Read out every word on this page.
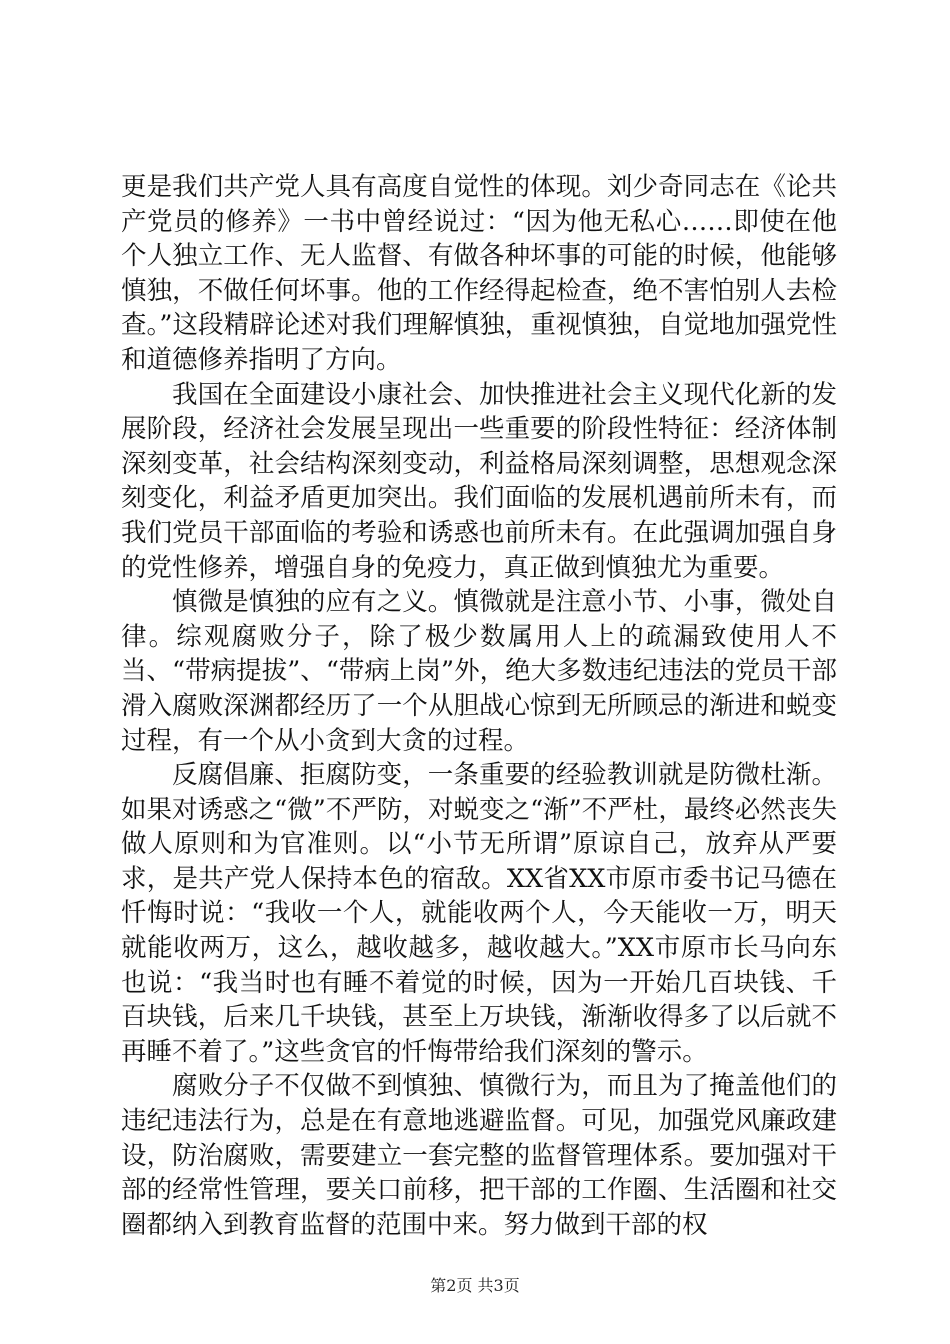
更是我们共产党人具有高度自觉性的体现。刘少奇同志在《论共产党员的修养》一书中曾经说过：“因为他无私心……即使在他个人独立工作、无人监督、有做各种坏事的可能的时候，他能够慎独，不做任何坏事。他的工作经得起检查，绝不害怕别人去检查。”这段精辟论述对我们理解慎独，重视慎独，自觉地加强党性和道德修养指明了方向。

我国在全面建设小康社会、加快推进社会主义现代化新的发展阶段，经济社会发展呈现出一些重要的阶段性特征：经济体制深刻变革，社会结构深刻变动，利益格局深刻调整，思想观念深刻变化，利益矛盾更加突出。我们面临的发展机遇前所未有，而我们党员干部面临的考验和诱惑也前所未有。在此强调加强自身的党性修养，增强自身的免疫力，真正做到慎独尤为重要。

慎微是慎独的应有之义。慎微就是注意小节、小事，微处自律。综观腐败分子，除了极少数属用人上的疏漏致使用人不当、“带病提拔”、“带病上岗”外，绝大多数违纪违法的党员干部滑入腐败深渊都经历了一个从胆战心惊到无所顾忌的渐进和蜕变过程，有一个从小贪到大贪的过程。

反腐倡廉、拒腐防变，一条重要的经验教训就是防微杜渐。如果对诱惑之“微”不严防，对蜕变之“渐”不严杜，最终必然丧失做人原则和为官准则。以“小节无所谓”原谅自己，放弃从严要求，是共产党人保持本色的宿敌。XX省XX市原市委书记马德在忏悔时说：“我收一个人，就能收两个人，今天能收一万，明天就能收两万，这么，越收越多，越收越大。”XX市原市长马向东也说：“我当时也有睡不着觉的时候，因为一开始几百块钱、千百块钱，后来几千块钱，甚至上万块钱，渐渐收得多了以后就不再睡不着了。”这些贪官的忏悔带给我们深刻的警示。

腐败分子不仅做不到慎独、慎微行为，而且为了掩盖他们的违纪违法行为，总是在有意地逃避监督。可见，加强党风廉政建设，防治腐败，需要建立一套完整的监督管理体系。要加强对干部的经常性管理，要关口前移，把干部的工作圈、生活圈和社交圈都纳入到教育监督的范围中来。努力做到干部的权

第2页 共3页
